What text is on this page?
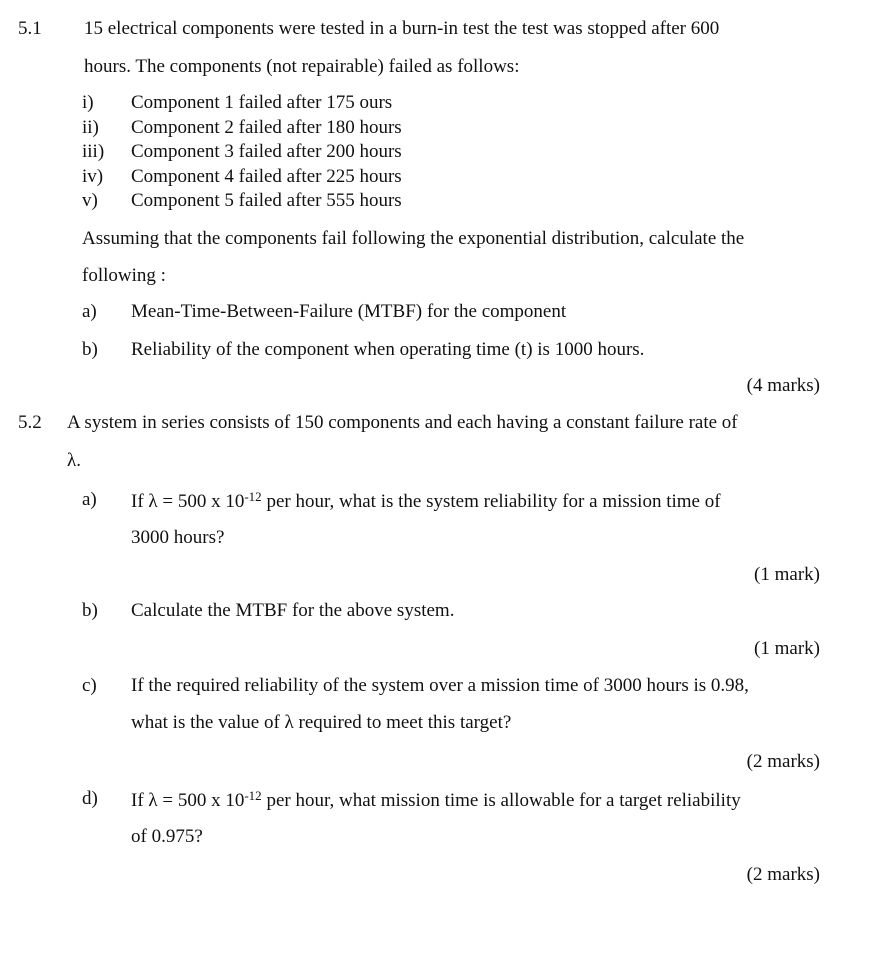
5.1 15 electrical components were tested in a burn-in test the test was stopped after 600
hours. The components (not repairable) failed as follows:
i) Component 1 failed after 175 ours
ii) Component 2 failed after 180 hours
iii) Component 3 failed after 200 hours
iv) Component 4 failed after 225 hours
v) Component 5 failed after 555 hours
Assuming that the components fail following the exponential distribution, calculate the
following :
a) Mean-Time-Between-Failure (MTBF) for the component
b) Reliability of the component when operating time (t) is 1000 hours.
(4 marks)
5.2 A system in series consists of 150 components and each having a constant failure rate of
λ.
a) If λ = 500 x $10^{-12}$ per hour, what is the system reliability for a mission time of
3000 hours?
(1 mark)
b) Calculate the MTBF for the above system.
(1 mark)
c) If the required reliability of the system over a mission time of 3000 hours is 0.98,
what is the value of λ required to meet this target?
(2 marks)
d) If λ = 500 x $10^{-12}$ per hour, what mission time is allowable for a target reliability
of 0.975?
(2 marks)
